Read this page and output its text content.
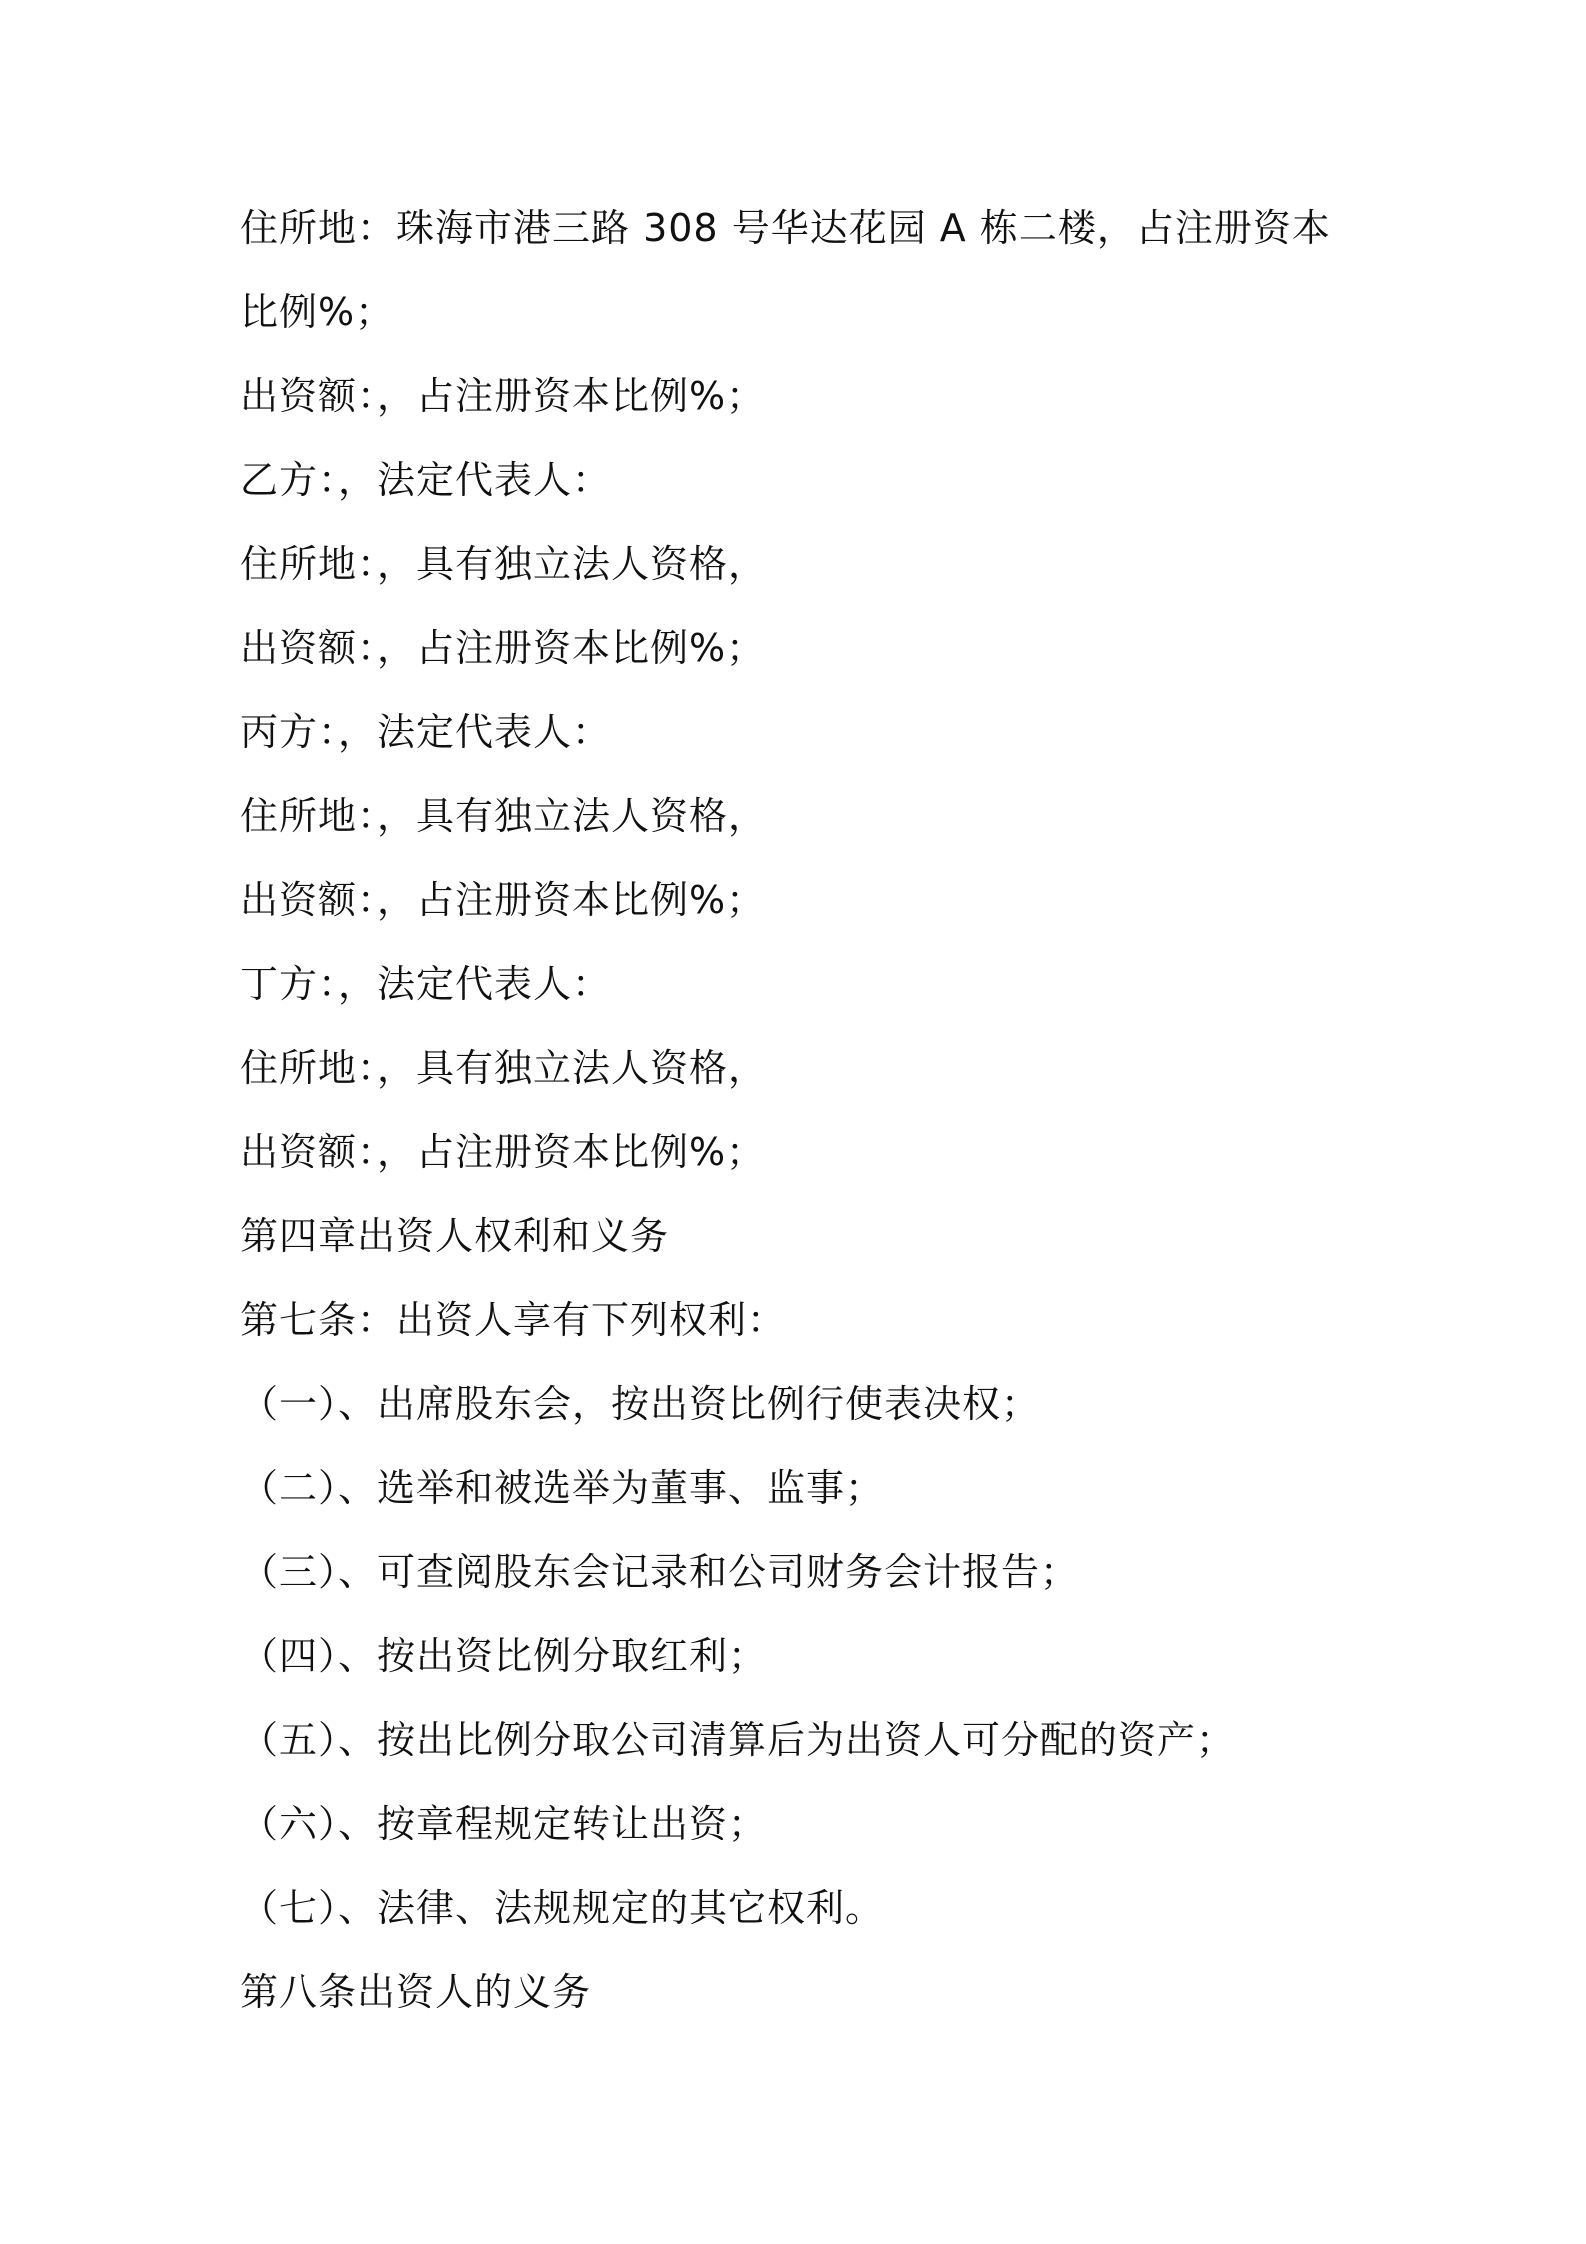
住所地：珠海市港三路 308 号华达花园 A 栋二楼，占注册资本
比例%；
出资额：，占注册资本比例%；
乙方：，法定代表人：
住所地：，具有独立法人资格，
出资额：，占注册资本比例%；
丙方：，法定代表人：
住所地：，具有独立法人资格，
出资额：，占注册资本比例%；
丁方：，法定代表人：
住所地：，具有独立法人资格，
出资额：，占注册资本比例%；
第四章出资人权利和义务
第七条：出资人享有下列权利：
（一）、出席股东会，按出资比例行使表决权；
（二）、选举和被选举为董事、监事；
（三）、可查阅股东会记录和公司财务会计报告；
（四）、按出资比例分取红利；
（五）、按出比例分取公司清算后为出资人可分配的资产；
（六）、按章程规定转让出资；
（七）、法律、法规规定的其它权利。
第八条出资人的义务
